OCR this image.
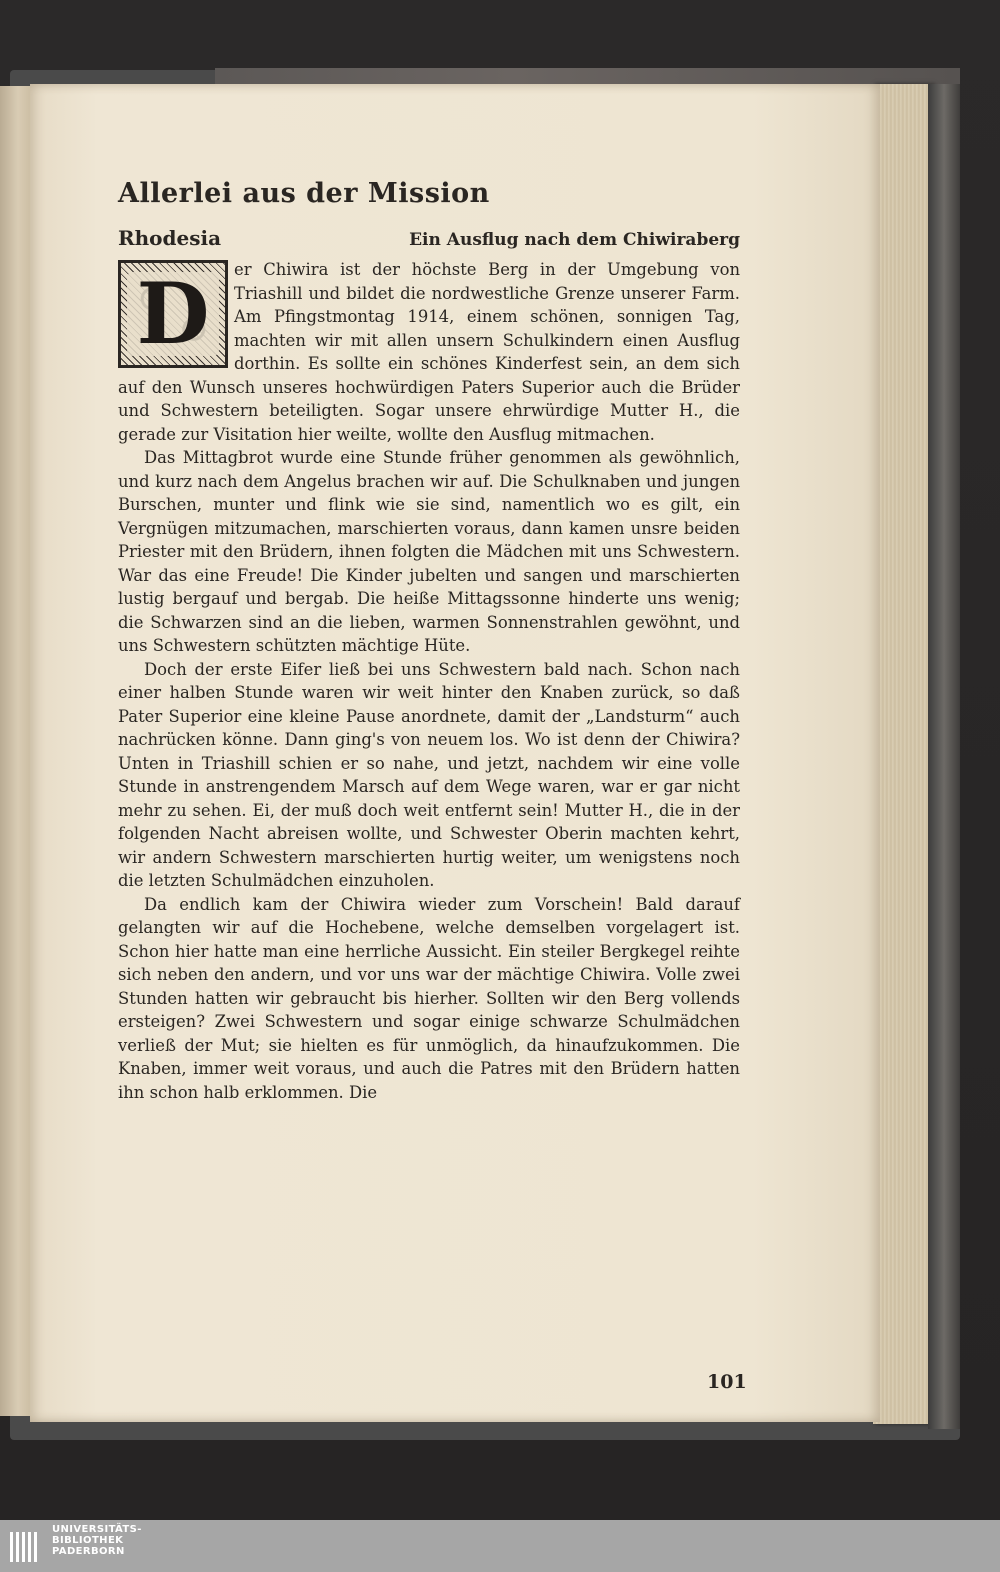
Allerlei aus der Mission
Rhodesia	Ein Ausflug nach dem Chiwiraberg

D	er Chiwira ist der höchste Berg in der Umgebung von Triashill und bildet die nordwestliche Grenze unserer Farm. Am Pfingstmontag 1914, einem schönen, sonnigen Tag, machten wir mit allen unsern Schulkindern einen Ausflug dorthin. Es sollte ein schönes Kinderfest sein, an dem sich auf den Wunsch unseres hochwürdigen Paters Superior auch die Brüder und Schwestern beteiligten. Sogar unsere ehrwürdige Mutter H., die gerade zur Visitation hier weilte, wollte den Ausflug mitmachen.

Das Mittagbrot wurde eine Stunde früher genommen als gewöhnlich, und kurz nach dem Angelus brachen wir auf. Die Schulknaben und jungen Burschen, munter und flink wie sie sind, namentlich wo es gilt, ein Vergnügen mitzumachen, marschierten voraus, dann kamen unsre beiden Priester mit den Brüdern, ihnen folgten die Mädchen mit uns Schwestern. War das eine Freude! Die Kinder jubelten und sangen und marschierten lustig bergauf und bergab. Die heiße Mittagssonne hinderte uns wenig; die Schwarzen sind an die lieben, warmen Sonnenstrahlen gewöhnt, und uns Schwestern schützten mächtige Hüte.

Doch der erste Eifer ließ bei uns Schwestern bald nach. Schon nach einer halben Stunde waren wir weit hinter den Knaben zurück, so daß Pater Superior eine kleine Pause anordnete, damit der „Landsturm“ auch nachrücken könne. Dann ging's von neuem los. Wo ist denn der Chiwira? Unten in Triashill schien er so nahe, und jetzt, nachdem wir eine volle Stunde in anstrengendem Marsch auf dem Wege waren, war er gar nicht mehr zu sehen. Ei, der muß doch weit entfernt sein! Mutter H., die in der folgenden Nacht abreisen wollte, und Schwester Oberin machten kehrt, wir andern Schwestern marschierten hurtig weiter, um wenigstens noch die letzten Schulmädchen einzuholen.

Da endlich kam der Chiwira wieder zum Vorschein! Bald darauf gelangten wir auf die Hochebene, welche demselben vorgelagert ist. Schon hier hatte man eine herrliche Aussicht. Ein steiler Bergkegel reihte sich neben den andern, und vor uns war der mächtige Chiwira. Volle zwei Stunden hatten wir gebraucht bis hierher. Sollten wir den Berg vollends ersteigen? Zwei Schwestern und sogar einige schwarze Schulmädchen verließ der Mut; sie hielten es für unmöglich, da hinaufzukommen. Die Knaben, immer weit voraus, und auch die Patres mit den Brüdern hatten ihn schon halb erklommen. Die

101
UNIVERSITÄTS-
BIBLIOTHEK
PADERBORN
